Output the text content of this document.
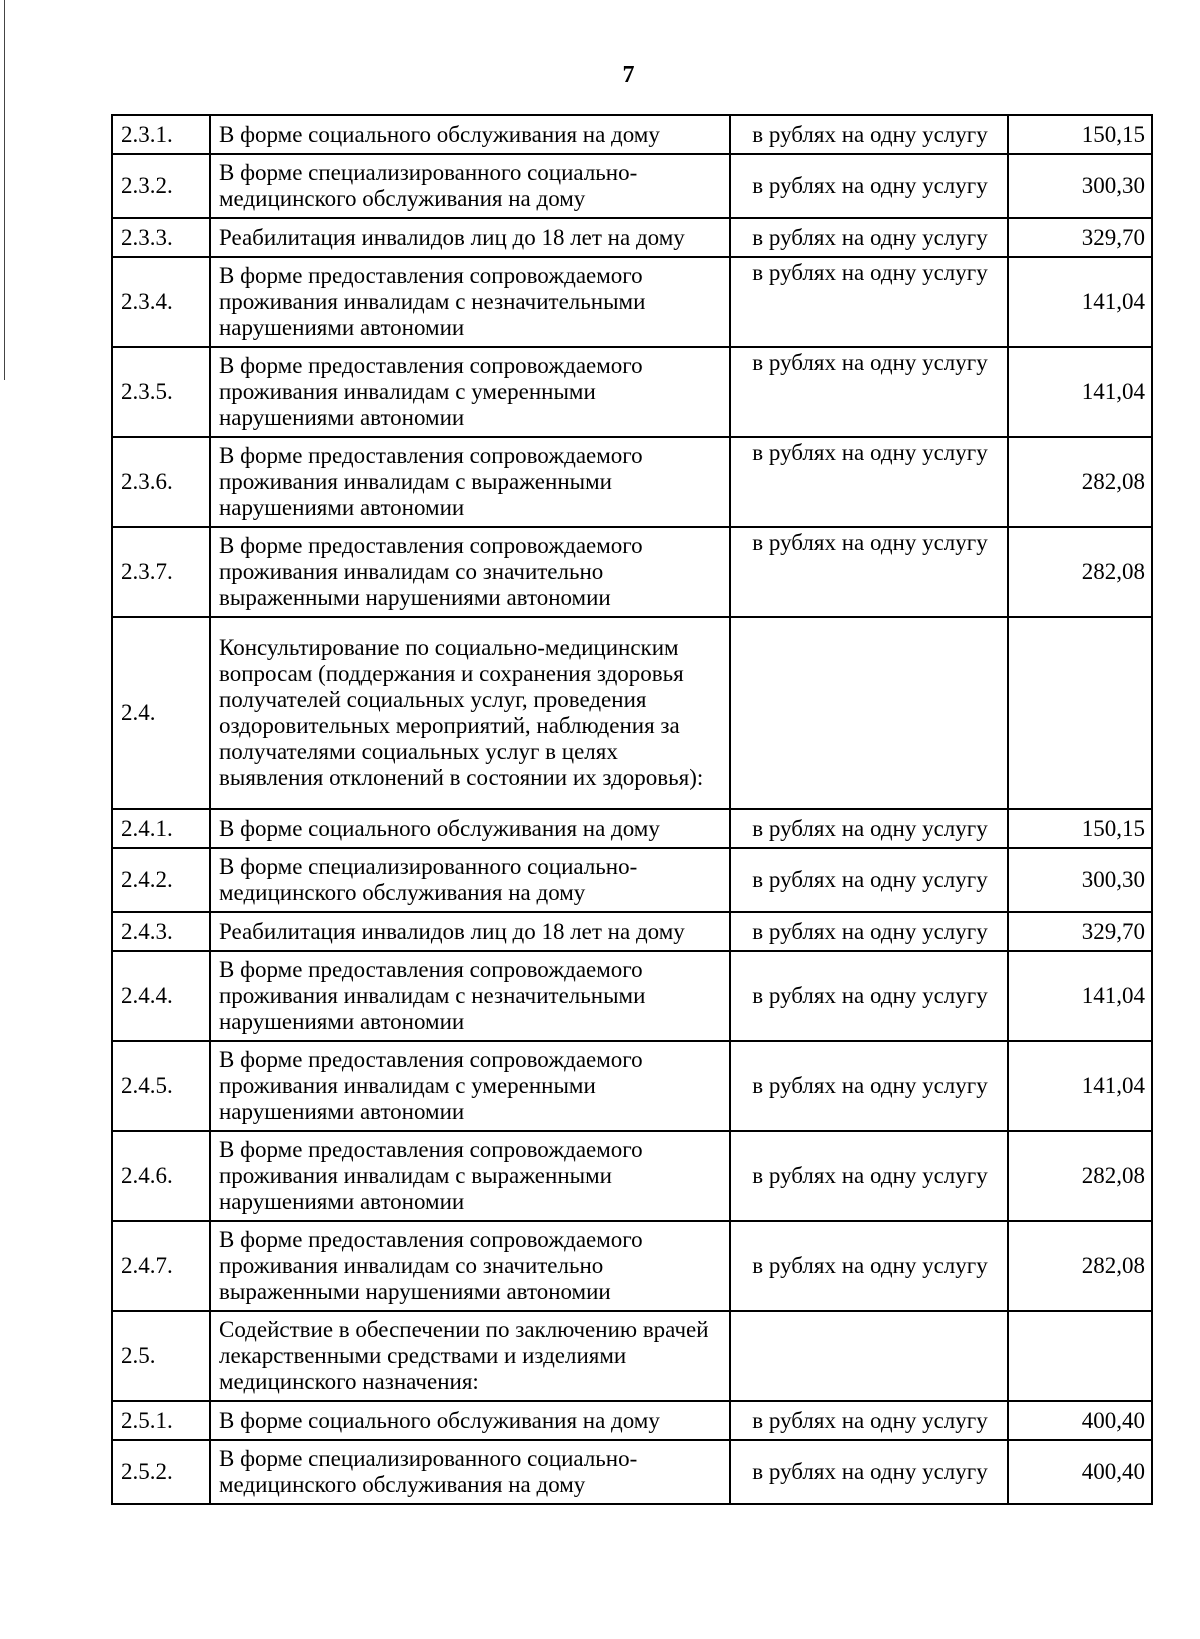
7
2.3.1.	В форме социального обслуживания на дому	в рублях на одну услугу	150,15
2.3.2.	В форме специализированного социально-медицинского обслуживания на дому	в рублях на одну услугу	300,30
2.3.3.	Реабилитация инвалидов лиц до 18 лет на дому	в рублях на одну услугу	329,70
2.3.4.	В форме предоставления сопровождаемого проживания инвалидам с незначительными нарушениями автономии	в рублях на одну услугу	141,04
2.3.5.	В форме предоставления сопровождаемого проживания инвалидам с умеренными нарушениями автономии	в рублях на одну услугу	141,04
2.3.6.	В форме предоставления сопровождаемого проживания инвалидам с выраженными нарушениями автономии	в рублях на одну услугу	282,08
2.3.7.	В форме предоставления сопровождаемого проживания инвалидам со значительно выраженными нарушениями автономии	в рублях на одну услугу	282,08
2.4.	Консультирование по социально-медицинским вопросам (поддержания и сохранения здоровья получателей социальных услуг, проведения оздоровительных мероприятий, наблюдения за получателями социальных услуг в целях выявления отклонений в состоянии их здоровья):		
2.4.1.	В форме социального обслуживания на дому	в рублях на одну услугу	150,15
2.4.2.	В форме специализированного социально-медицинского обслуживания на дому	в рублях на одну услугу	300,30
2.4.3.	Реабилитация инвалидов лиц до 18 лет на дому	в рублях на одну услугу	329,70
2.4.4.	В форме предоставления сопровождаемого проживания инвалидам с незначительными нарушениями автономии	в рублях на одну услугу	141,04
2.4.5.	В форме предоставления сопровождаемого проживания инвалидам с умеренными нарушениями автономии	в рублях на одну услугу	141,04
2.4.6.	В форме предоставления сопровождаемого проживания инвалидам с выраженными нарушениями автономии	в рублях на одну услугу	282,08
2.4.7.	В форме предоставления сопровождаемого проживания инвалидам со значительно выраженными нарушениями автономии	в рублях на одну услугу	282,08
2.5.	Содействие в обеспечении по заключению врачей лекарственными средствами и изделиями медицинского назначения:		
2.5.1.	В форме социального обслуживания на дому	в рублях на одну услугу	400,40
2.5.2.	В форме специализированного социально-медицинского обслуживания на дому	в рублях на одну услугу	400,40
